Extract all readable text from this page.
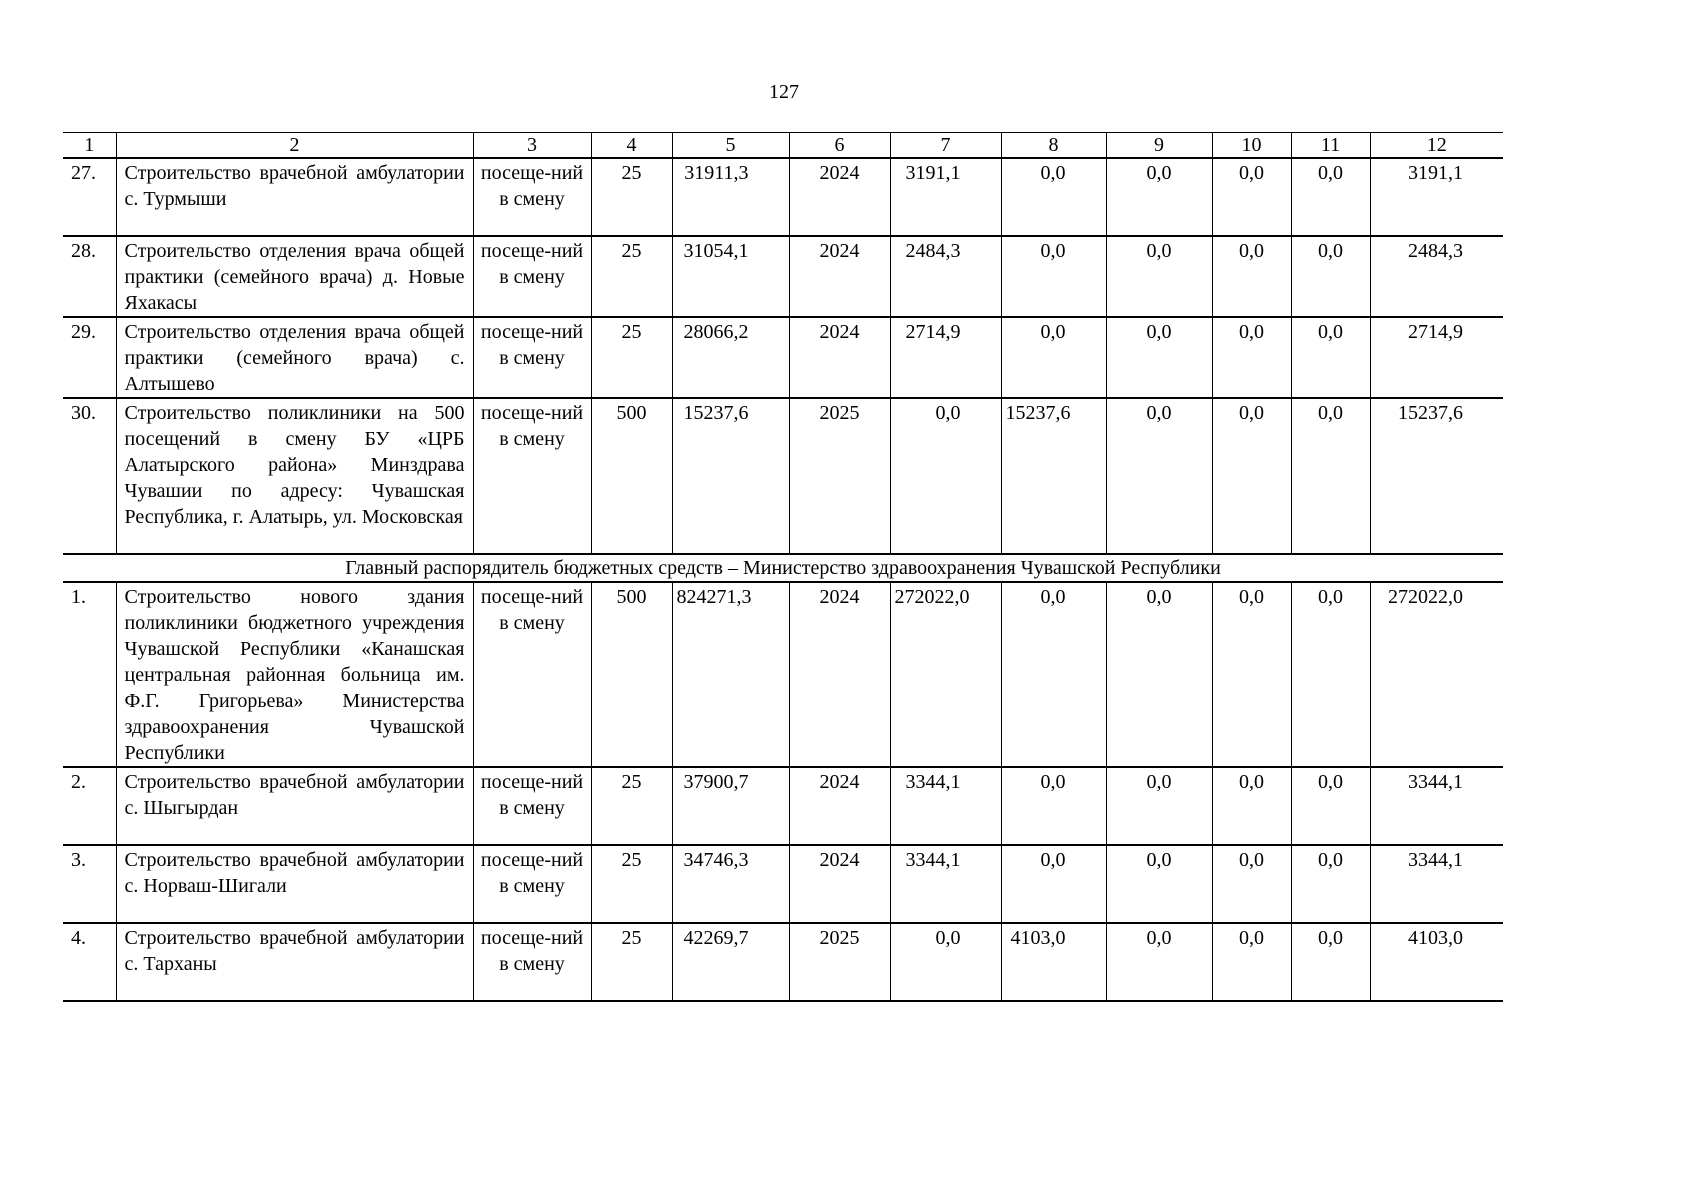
127
1	2	3	4	5	6	7	8	9	10	11	12
27.	Строительство врачебной амбулатории с. Турмыши	посеще-ний в смену	25	31911,3	2024	3191,1	0,0	0,0	0,0	0,0	3191,1
28.	Строительство отделения врача общей практики (семейного врача) д. Новые Яхакасы	посеще-ний в смену	25	31054,1	2024	2484,3	0,0	0,0	0,0	0,0	2484,3
29.	Строительство отделения врача общей практики (семейного врача) с. Алтышево	посеще-ний в смену	25	28066,2	2024	2714,9	0,0	0,0	0,0	0,0	2714,9
30.	Строительство поликлиники на 500 посещений в смену БУ «ЦРБ Алатырского района» Минздрава Чувашии по адресу: Чувашская Республика, г. Алатырь, ул. Московская	посеще-ний в смену	500	15237,6	2025	0,0	15237,6	0,0	0,0	0,0	15237,6
Главный распорядитель бюджетных средств – Министерство здравоохранения Чувашской Республики											
1.	Строительство нового здания поликлиники бюджетного учреждения Чувашской Республики «Канашская центральная районная больница им. Ф.Г. Григорьева» Министерства здравоохранения Чувашской Республики	посеще-ний в смену	500	824271,3	2024	272022,0	0,0	0,0	0,0	0,0	272022,0
2.	Строительство врачебной амбулатории с. Шыгырдан	посеще-ний в смену	25	37900,7	2024	3344,1	0,0	0,0	0,0	0,0	3344,1
3.	Строительство врачебной амбулатории с. Норваш-Шигали	посеще-ний в смену	25	34746,3	2024	3344,1	0,0	0,0	0,0	0,0	3344,1
4.	Строительство врачебной амбулатории с. Тарханы	посеще-ний в смену	25	42269,7	2025	0,0	4103,0	0,0	0,0	0,0	4103,0
